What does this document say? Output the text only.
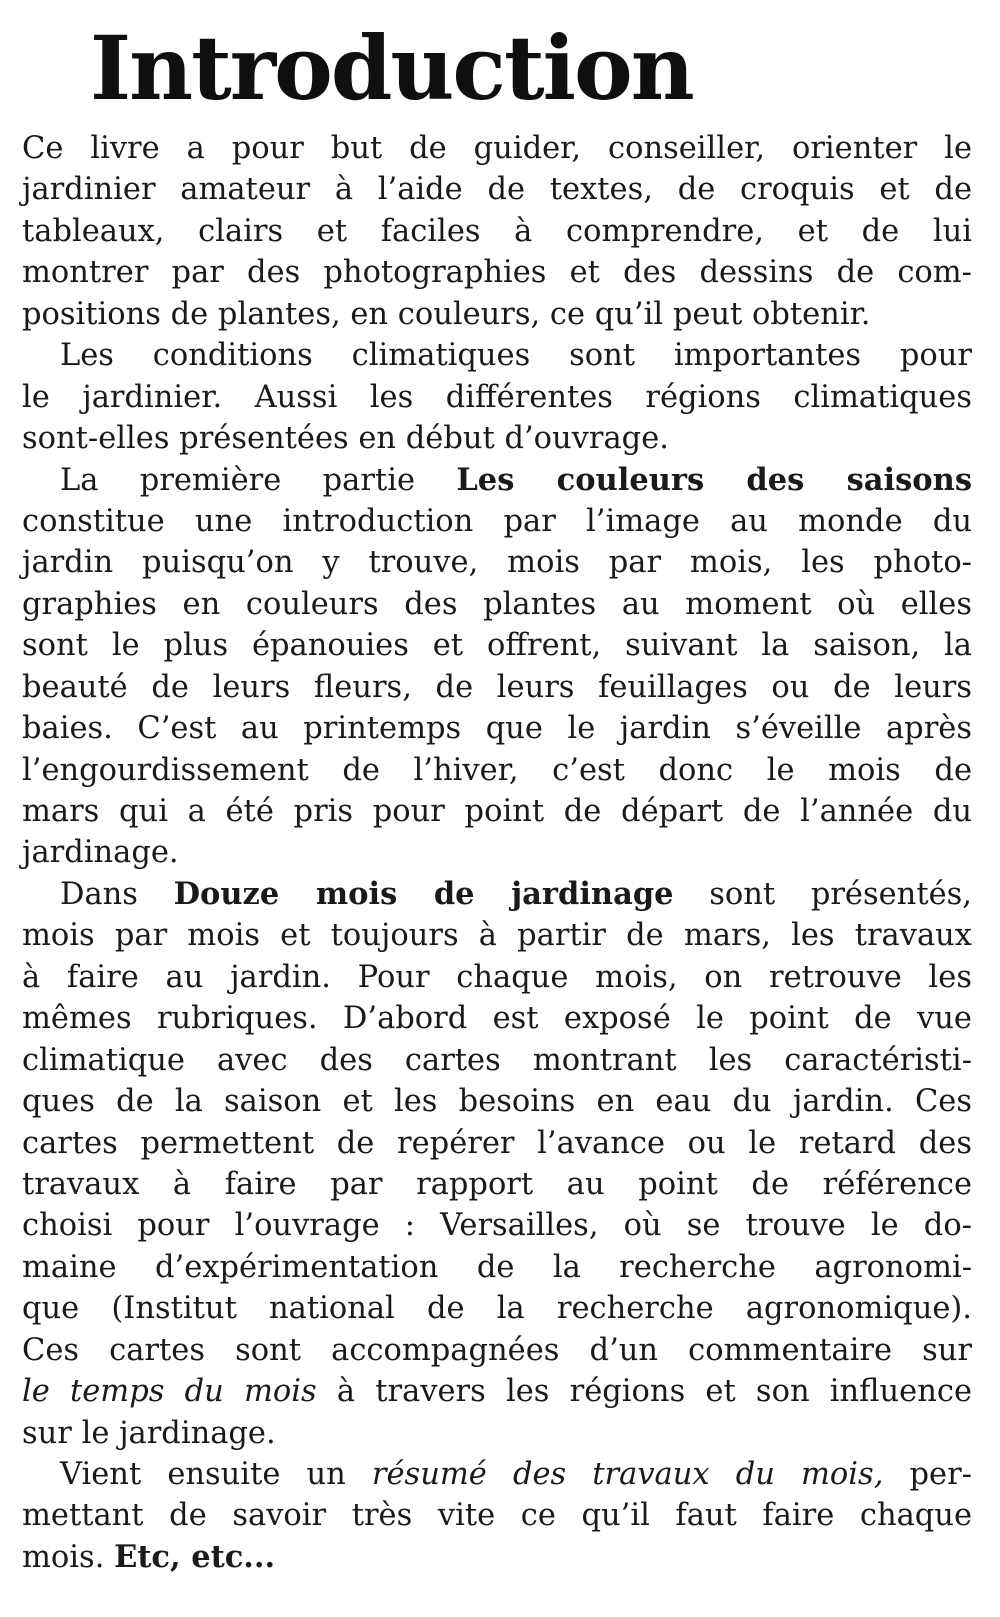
Introduction
Ce livre a pour but de guider, conseiller, orienter le
jardinier amateur à l’aide de textes, de croquis et de
tableaux, clairs et faciles à comprendre, et de lui
montrer par des photographies et des dessins de com-
positions de plantes, en couleurs, ce qu’il peut obtenir.
Les conditions climatiques sont importantes pour
le jardinier. Aussi les différentes régions climatiques
sont-elles présentées en début d’ouvrage.
La première partie Les couleurs des saisons
constitue une introduction par l’image au monde du
jardin puisqu’on y trouve, mois par mois, les photo-
graphies en couleurs des plantes au moment où elles
sont le plus épanouies et offrent, suivant la saison, la
beauté de leurs fleurs, de leurs feuillages ou de leurs
baies. C’est au printemps que le jardin s’éveille après
l’engourdissement de l’hiver, c’est donc le mois de
mars qui a été pris pour point de départ de l’année du
jardinage.
Dans Douze mois de jardinage sont présentés,
mois par mois et toujours à partir de mars, les travaux
à faire au jardin. Pour chaque mois, on retrouve les
mêmes rubriques. D’abord est exposé le point de vue
climatique avec des cartes montrant les caractéristi-
ques de la saison et les besoins en eau du jardin. Ces
cartes permettent de repérer l’avance ou le retard des
travaux à faire par rapport au point de référence
choisi pour l’ouvrage : Versailles, où se trouve le do-
maine d’expérimentation de la recherche agronomi-
que (Institut national de la recherche agronomique).
Ces cartes sont accompagnées d’un commentaire sur
le temps du mois à travers les régions et son influence
sur le jardinage.
Vient ensuite un résumé des travaux du mois, per-
mettant de savoir très vite ce qu’il faut faire chaque
mois. Etc, etc...
